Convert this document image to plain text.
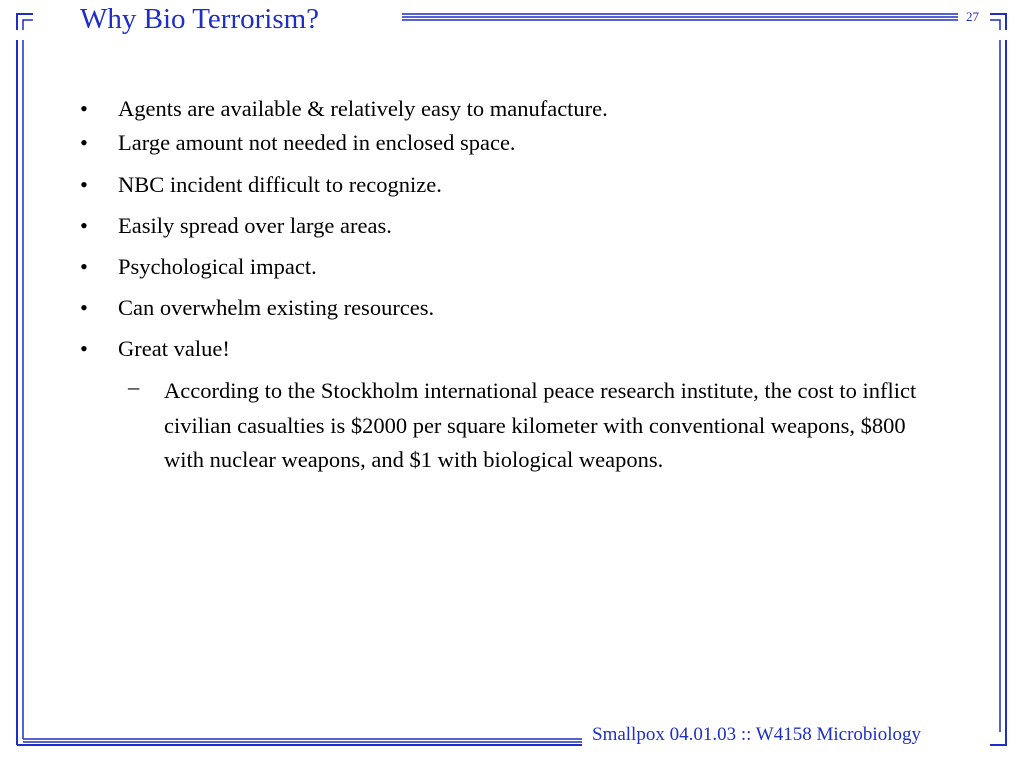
Why Bio Terrorism?	27
• Agents are available & relatively easy to manufacture.
• Large amount not needed in enclosed space.
• NBC incident difficult to recognize.
• Easily spread over large areas.
• Psychological impact.
• Can overwhelm existing resources.
• Great value!
– According to the Stockholm international peace research institute, the cost to inflict civilian casualties is $2000 per square kilometer with conventional weapons, $800 with nuclear weapons, and $1 with biological weapons.
Smallpox 04.01.03 :: W4158 Microbiology
